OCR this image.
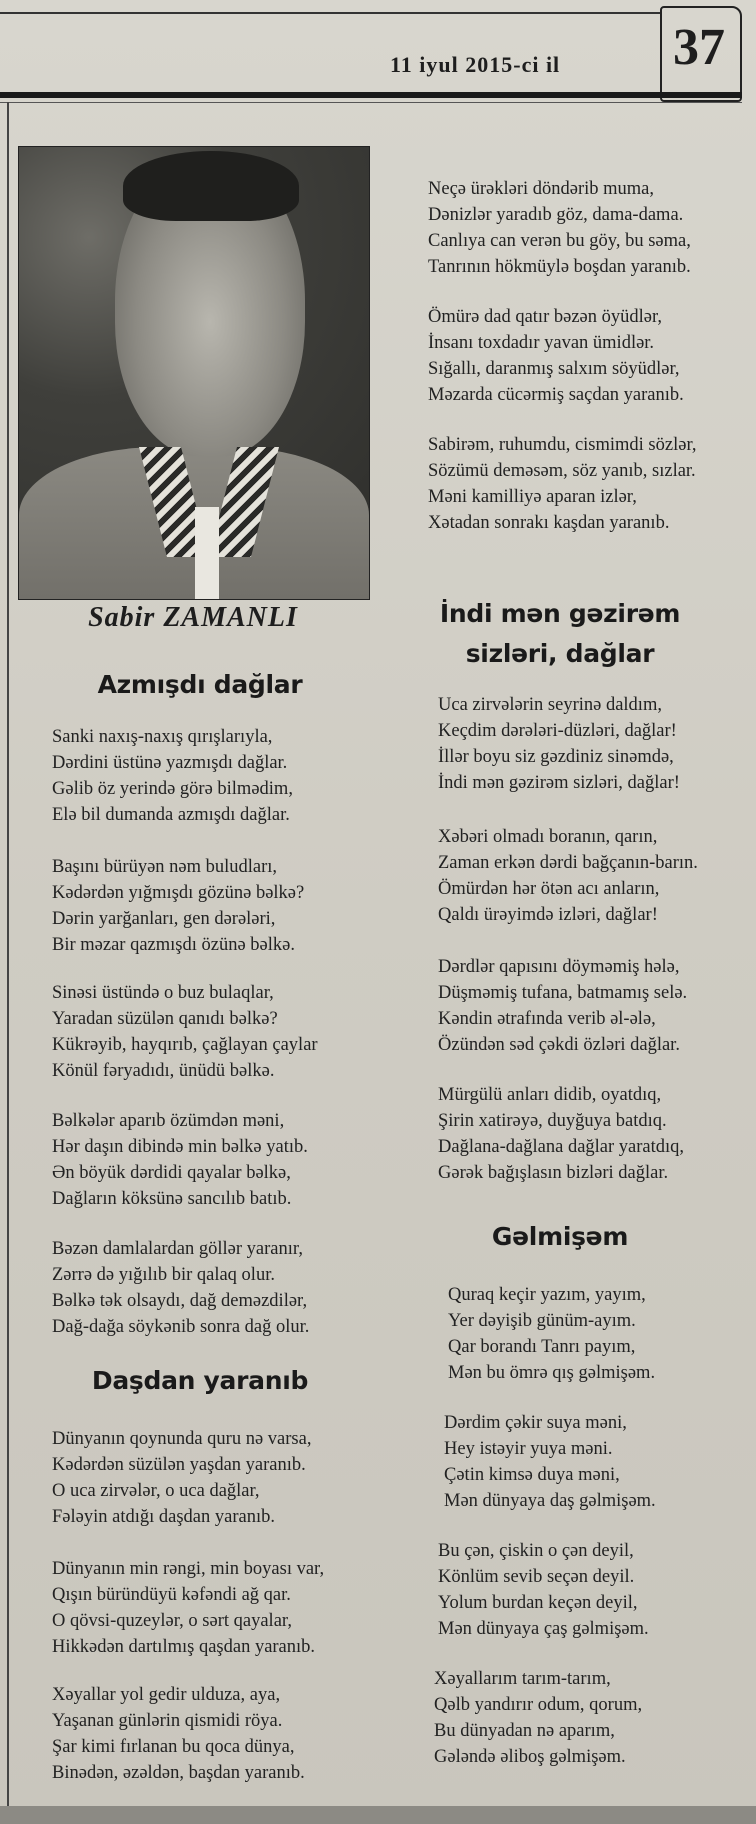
11 iyul 2015-ci il	37
Sabir ZAMANLI
Azmışdı dağlar
Sanki naxış-naxış qırışlarıyla,
Dərdini üstünə yazmışdı dağlar.
Gəlib öz yerində görə bilmədim,
Elə bil dumanda azmışdı dağlar.
Başını bürüyən nəm buludları,
Kədərdən yığmışdı gözünə bəlkə?
Dərin yarğanları, gen dərələri,
Bir məzar qazmışdı özünə bəlkə.
Sinəsi üstündə o buz bulaqlar,
Yaradan süzülən qanıdı bəlkə?
Kükrəyib, hayqırıb, çağlayan çaylar
Könül fəryadıdı, ünüdü bəlkə.
Bəlkələr aparıb özümdən məni,
Hər daşın dibində min bəlkə yatıb.
Ən böyük dərdidi qayalar bəlkə,
Dağların köksünə sancılıb batıb.
Bəzən damlalardan göllər yaranır,
Zərrə də yığılıb bir qalaq olur.
Bəlkə tək olsaydı, dağ deməzdilər,
Dağ-dağa söykənib sonra dağ olur.
Daşdan yaranıb
Dünyanın qoynunda quru nə varsa,
Kədərdən süzülən yaşdan yaranıb.
O uca zirvələr, o uca dağlar,
Fələyin atdığı daşdan yaranıb.
Dünyanın min rəngi, min boyası var,
Qışın büründüyü kəfəndi ağ qar.
O qövsi-quzeylər, o sərt qayalar,
Hikkədən dartılmış qaşdan yaranıb.
Xəyallar yol gedir ulduza, aya,
Yaşanan günlərin qismidi röya.
Şar kimi fırlanan bu qoca dünya,
Binədən, əzəldən, başdan yaranıb.
Neçə ürəkləri döndərib muma,
Dənizlər yaradıb göz, dama-dama.
Canlıya can verən bu göy, bu səma,
Tanrının hökmüylə boşdan yaranıb.
Ömürə dad qatır bəzən öyüdlər,
İnsanı toxdadır yavan ümidlər.
Sığallı, daranmış salxım söyüdlər,
Məzarda cücərmiş saçdan yaranıb.
Sabirəm, ruhumdu, cismimdi sözlər,
Sözümü deməsəm, söz yanıb, sızlar.
Məni kamilliyə aparan izlər,
Xətadan sonrakı kaşdan yaranıb.
İndi mən gəzirəm
sizləri, dağlar
Uca zirvələrin seyrinə daldım,
Keçdim dərələri-düzləri, dağlar!
İllər boyu siz gəzdiniz sinəmdə,
İndi mən gəzirəm sizləri, dağlar!
Xəbəri olmadı boranın, qarın,
Zaman erkən dərdi bağçanın-barın.
Ömürdən hər ötən acı anların,
Qaldı ürəyimdə izləri, dağlar!
Dərdlər qapısını döyməmiş hələ,
Düşməmiş tufana, batmamış selə.
Kəndin ətrafında verib əl-ələ,
Özündən səd çəkdi özləri dağlar.
Mürgülü anları didib, oyatdıq,
Şirin xatirəyə, duyğuya batdıq.
Dağlana-dağlana dağlar yaratdıq,
Gərək bağışlasın bizləri dağlar.
Gəlmişəm
Quraq keçir yazım, yayım,
Yer dəyişib günüm-ayım.
Qar borandı Tanrı payım,
Mən bu ömrə qış gəlmişəm.
Dərdim çəkir suya məni,
Hey istəyir yuya məni.
Çətin kimsə duya məni,
Mən dünyaya daş gəlmişəm.
Bu çən, çiskin o çən deyil,
Könlüm sevib seçən deyil.
Yolum burdan keçən deyil,
Mən dünyaya çaş gəlmişəm.
Xəyallarım tarım-tarım,
Qəlb yandırır odum, qorum,
Bu dünyadan nə aparım,
Gələndə əliboş gəlmişəm.
